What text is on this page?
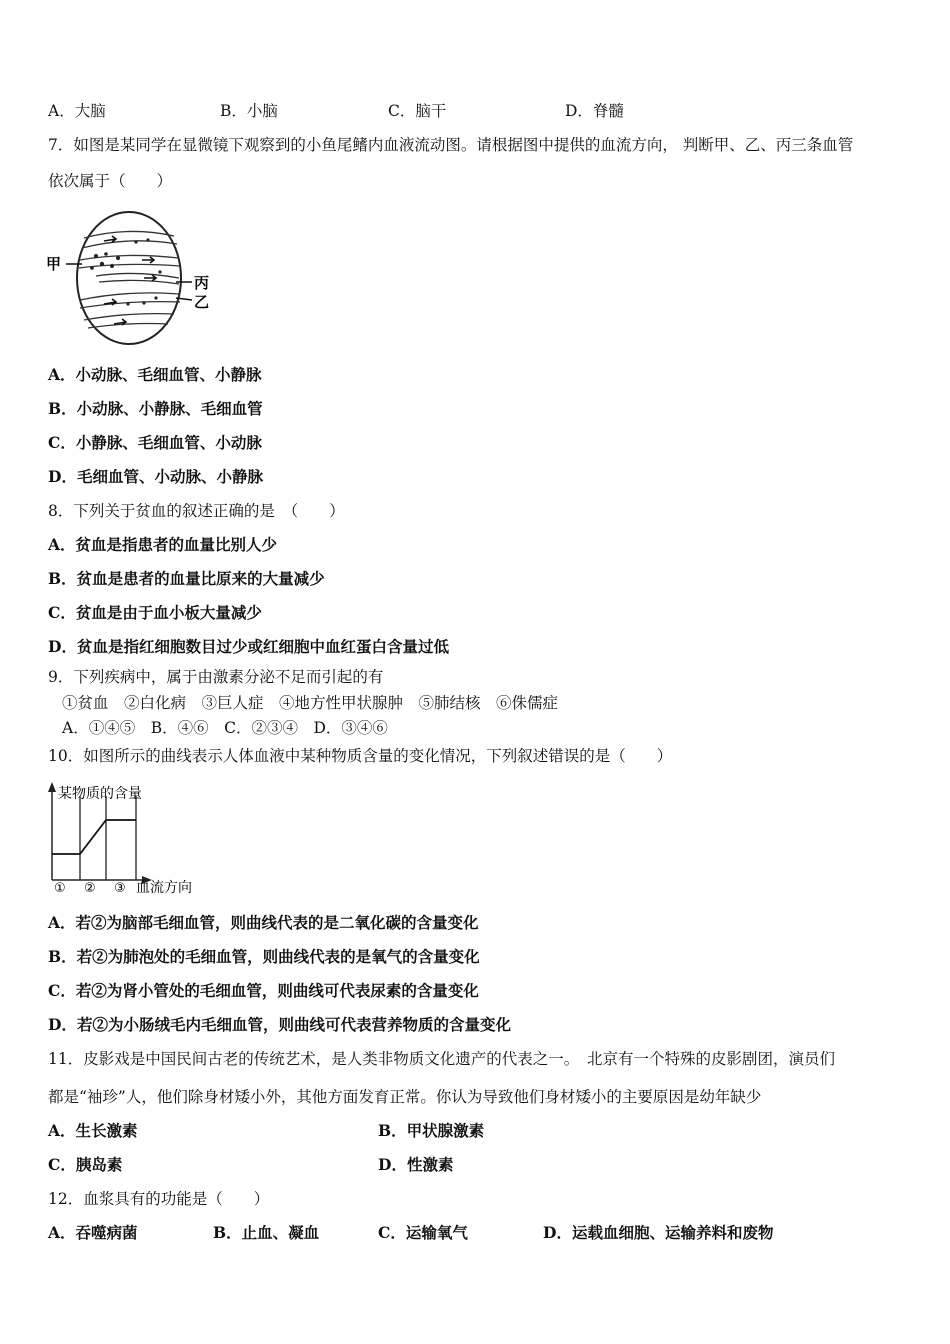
A．大脑	B．小脑	C．脑干	D．脊髓
7．如图是某同学在显微镜下观察到的小鱼尾鳍内血液流动图。请根据图中提供的血流方向， 判断甲、乙、丙三条血管
依次属于（　　）
甲
丙
乙
A．小动脉、毛细血管、小静脉
B．小动脉、小静脉、毛细血管
C．小静脉、毛细血管、小动脉
D．毛细血管、小动脉、小静脉
8．下列关于贫血的叙述正确的是　（　　）
A．贫血是指患者的血量比别人少
B．贫血是患者的血量比原来的大量减少
C．贫血是由于血小板大量减少
D．贫血是指红细胞数目过少或红细胞中血红蛋白含量过低
9．下列疾病中，属于由激素分泌不足而引起的有
①贫血　②白化病　③巨人症　④地方性甲状腺肿　⑤肺结核　⑥侏儒症
A．①④⑤　B．④⑥　C．②③④　D．③④⑥
10．如图所示的曲线表示人体血液中某种物质含量的变化情况，下列叙述错误的是（　　）
某物质的含量
① ② ③ 血流方向
A．若②为脑部毛细血管，则曲线代表的是二氧化碳的含量变化
B．若②为肺泡处的毛细血管，则曲线代表的是氧气的含量变化
C．若②为肾小管处的毛细血管，则曲线可代表尿素的含量变化
D．若②为小肠绒毛内毛细血管，则曲线可代表营养物质的含量变化
11．皮影戏是中国民间古老的传统艺术，是人类非物质文化遗产的代表之一。　北京有一个特殊的皮影剧团，演员们
都是“袖珍”人，他们除身材矮小外，其他方面发育正常。你认为导致他们身材矮小的主要原因是幼年缺少
A．生长激素	B．甲状腺激素
C．胰岛素	D．性激素
12．血浆具有的功能是（　　）
A．吞噬病菌	B．止血、凝血	C．运输氧气	D．运载血细胞、运输养料和废物
